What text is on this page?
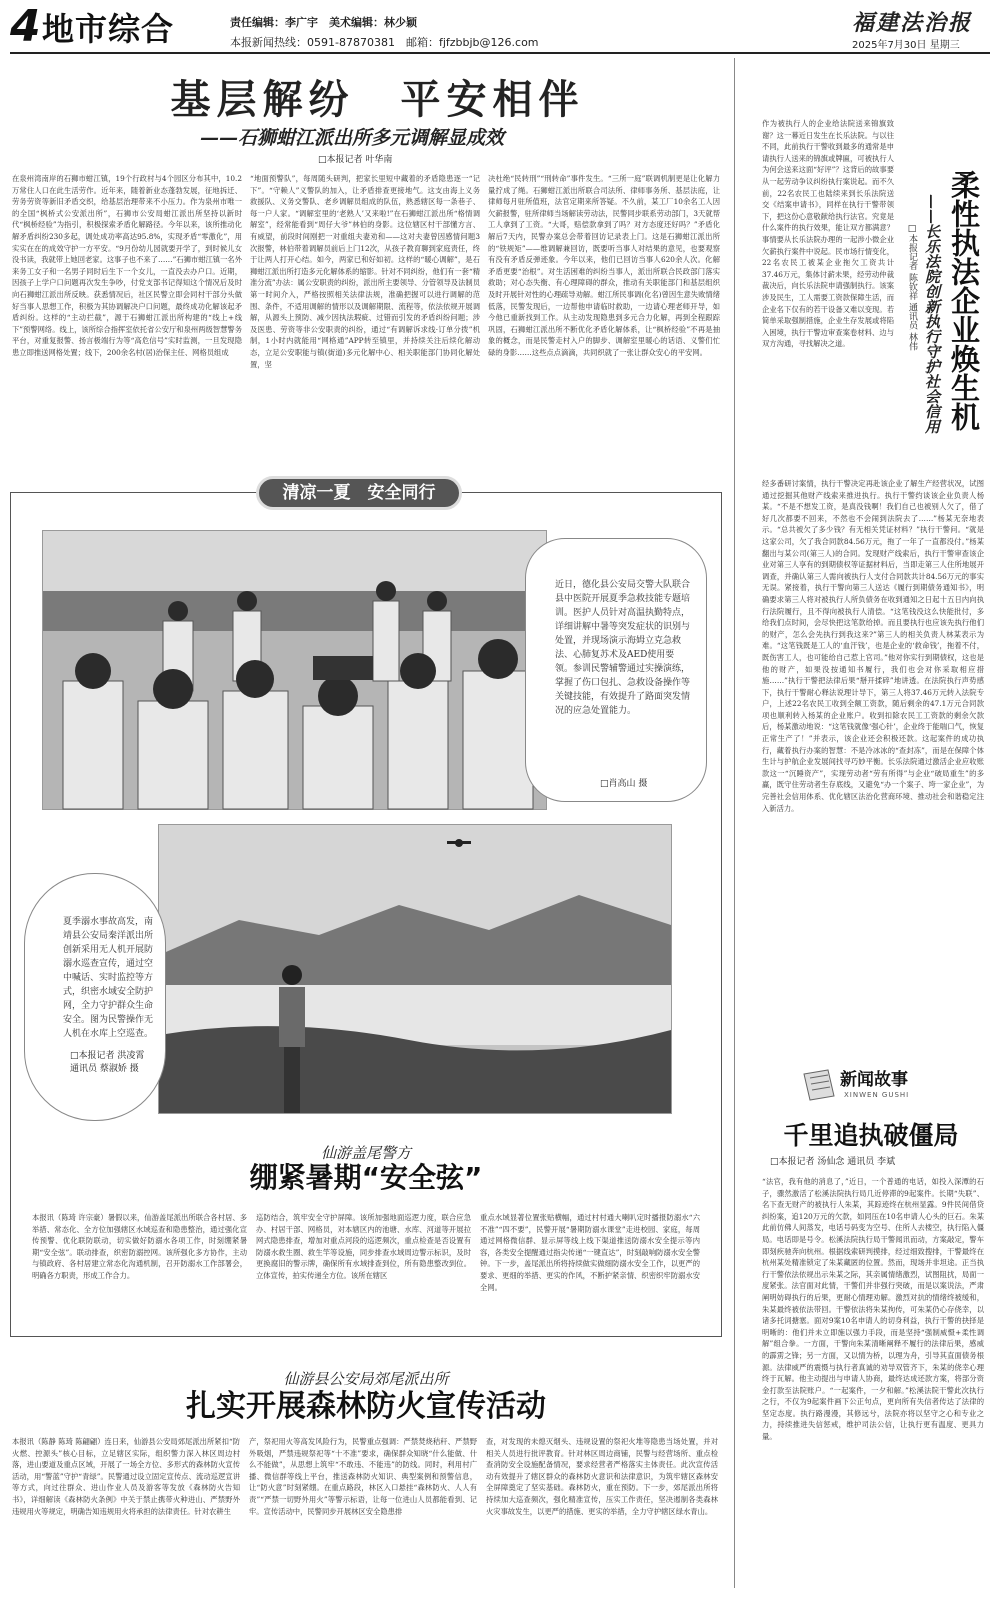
4 地市综合	责任编辑：李广宇　美术编辑：林少颖
本报新闻热线：0591-87870381　邮箱：fjfzbbjb@126.com
福建法治报
2025年7月30日 星期三
基层解纷　平安相伴
——石狮蚶江派出所多元调解显成效
□本报记者 叶华南
在泉州湾南岸的石狮市蚶江镇，19个行政村与4个园区分布其中，10.2万常住人口在此生活劳作。近年来，随着新业态蓬勃发展，征地拆迁、劳务劳资等新旧矛盾交织，给基层治理带来不小压力。作为泉州市唯一的全国“枫桥式公安派出所”，石狮市公安局蚶江派出所坚持以新时代“枫桥经验”为指引，积极探索矛盾化解路径。今年以来，该所推动化解矛盾纠纷230多起，调处成功率高达95.8%，实现矛盾“零激化”，用实实在在的成效守护一方平安。“9月份幼儿园就要开学了，到时候儿女没书读，我就带上她回老家。这事子也不来了……”石狮市蚶江镇一名外来务工女子和一名男子同时后生下一个女儿，一直没去办户口。近期，因孩子上学户口问题再次发生争吵，付党支部书记得知这个情况后及时向石狮蚶江派出所反映。获悉情况后，社区民警立即会同村干部分头做好当事人思想工作，积极为其协调解决户口问题，最终成功化解该起矛盾纠纷。这样的“主动拦截”，源于石狮蚶江派出所构建的“线上+线下”预警网络。线上，该所综合指挥室依托省公安厅和泉州两级智慧警务平台，对重复报警、扬言极端行为等“高危信号”实时监测，一旦发现隐患立即推送网格处置；线下，200余名村(居)治保主任、网格员组成
“地面预警队”，每周随头研判，把家长里短中藏着的矛盾隐患逐一“记下”。“守赖人”义警队的加入，让矛盾排查更接地气。这支由海上义务救援队、义务交警队、老乡调解员组成的队伍，熟悉辖区每一条巷子、每一户人家。“调解室里的‘老熟人’又来啦!”在石狮蚶江派出所“格情调解室”，经常能看到“周仔大爷”林伯的身影。这位辖区村干部懂方言、有威望，前段时间刚把一对重组夫妻劝和——这对夫妻曾因感情问题3次报警，林伯带着调解员前后上门12次，从孩子教育聊到家庭责任，终于让两人打开心结。如今，两家已和好如初。这样的“暖心调解”，是石狮蚶江派出所打造多元化解体系的缩影。针对不同纠纷，他们有一套“精准分流”办法：属公安职责的纠纷，派出所主要领导、分管领导及法制员第一时间介入，严格按照相关法律法规，准确把握可以进行调解的范围、条件，不适用调解的情形以及调解期限、流程等，依法依规开展调解，从源头上预防、减少因执法瑕疵、过错而引发的矛盾纠纷问题；涉及医患、劳资等非公安职责的纠纷，通过“有调解诉求线·订单分拨”机制，1小时内就能用“网格通”APP转至镇里，并持续关注后续化解动态，立足公安职能与镇(街道)多元化解中心、相关职能部门协同化解处置，坚
决杜绝“民转刑”“刑转命”事件发生。“三所一庭”联调机制更是让化解力量拧成了绳。石狮蚶江派出所联合司法所、律师事务所、基层法庭，让律师每月驻所值班，法官定期来所答疑。不久前，某工厂10余名工人因欠薪报警，驻所律师当场解读劳动法，民警同步联系劳动部门，3天就帮工人拿到了工资。“大哥，赔偿款拿到了吗？对方态度还好吗？”矛盾化解后7天内，民警办案总会带着回访记录表上门。这是石狮蚶江派出所的“铁规矩”——维调解兼回访，既要听当事人对结果的意见，也要观察有没有矛盾反弹迹象。今年以来，他们已回访当事人620余人次。化解矛盾更要“治根”。对生活困难的纠纷当事人，派出所联合民政部门落实救助；对心态失衡、有心理障碍的群众，推动有关职能部门和基层组织及时开展针对性的心理疏导劝解。蚶江所民事调(化名)曾因生意失败情绪低落，民警发现后，一边帮他申请临时救助，一边请心理老师开导，如今他已重新找到工作。从主动发现隐患到多元合力化解，再到全程跟踪巩固，石狮蚶江派出所不断优化矛盾化解体系，让“枫桥经验”不再是抽象的概念，而是民警走村入户的脚步、调解室里暖心的话语、义警们忙碌的身影……这些点点滴滴，共同织就了一张让群众安心的平安网。
清凉一夏　安全同行
近日，德化县公安局交警大队联合县中医院开展夏季急救技能专题培训。医护人员针对高温执勤特点，详细讲解中暑等突发症状的识别与处置，并现场演示海姆立克急救法、心肺复苏术及AED使用要领。参训民警辅警通过实操演练，掌握了伤口包扎、急救设备操作等关键技能，有效提升了路面突发情况的应急处置能力。
□肖高山 摄
夏季溺水事故高发，南靖县公安局秦洋派出所创新采用无人机开展防溺水巡查宣传，通过空中喊话、实时监控等方式，织密水域安全防护网，全力守护群众生命安全。图为民警操作无人机在水库上空巡查。
□本报记者 洪凌霄
通讯员 蔡淑娇 摄
仙游盖尾警方
绷紧暑期“安全弦”
本报讯（陈琦 许宗豪）暑假以来，仙游盖尾派出所联合各村居、多举措、常态化、全方位加强辖区水域巡查和隐患整治，通过强化宣传预警、优化联防联动，切实做好防溺水各项工作，时刻绷紧暑期“安全弦”。联动排查，织密防溺控网。该所强化多方协作，主动与镇政府、各村居建立常态化沟通机制，召开防溺水工作部署会，明确各方职责，形成工作合力。
巡防结合，筑牢安全守护屏障。该所加强地面巡逻力度，联合应急办、村居干部、网格员，对本辖区内的池塘、水库、河道等开展拉网式隐患排查，增加对重点河段的巡逻频次，重点检查是否设置有防溺水救生圈、救生竿等设施，同步排查水域周边警示标识，及时更换腐旧的警示牌，确保所有水域排查到位，所有隐患整改到位。立体宣传，拍实传递全方位。该所在辖区
重点水域显著位置张贴横幅，通过村村通大喇叭定时播报防溺水“六不准”“四不要”，民警开展“暑期防溺水课堂”走进校园、家庭，每周通过网格微信群、显示屏等线上线下渠道推送防溺水安全提示等内容，各类安全提醒通过指尖传递“一键直达”，时刻敲响防溺水安全警钟。下一步，盖尾派出所将持续做实做细防溺水安全工作，以更严的要求、更细的举措、更实的作风，不断护紧亲情、织密织牢防溺水安全网。
仙游县公安局郊尾派出所
扎实开展森林防火宣传活动
本报讯（陈静 陈琦 陈翩翩）连日来，仙游县公安局郊尾派出所紧扣“防火燃、控源头”核心目标，立足辖区实际，组织警力深入林区周边村落，进山要道及重点区域，开展了一场全方位、多形式的森林防火宣传活动，用“警蓝”守护“青绿”。民警通过设立固定宣传点、流动巡逻宣讲等方式，向过往群众、进山作业人员及游客等发放《森林防火告知书》，详细解读《森林防火条例》中关于禁止携带火种进山、严禁野外违规用火等规定，明确告知违规用火将承担的法律责任。针对农耕生
产，祭祀用火等高发风险行为，民警重点强调：严禁焚烧秸秆、严禁野外吸烟，严禁违规祭祀等“十不准”要求，确保群众知晓“什么能做、什么不能做”，从思想上筑牢“不敢违、不能违”的防线。同时，利用村广播、微信群等线上平台，推送森林防火知识、典型案例和预警信息，让“防火意”时刻紧绷。在重点路段，林区入口悬挂“森林防火、人人有责”“严禁一切野外用火”等警示标语，让每一位进山人员都能看到、记牢。宣传活动中，民警同步开展林区安全隐患排
查，对发现的未熄灭烟头、违规设置的祭祀火堆等隐患当场处置，并对相关人员进行批评教育。针对林区周边商铺，民警与经营场所、重点检查消防安全设施配备情况，要求经营者严格落实主体责任。此次宣传活动有效提升了辖区群众的森林防火意识和法律意识，为筑牢辖区森林安全屏障奠定了坚实基础。森林防火，重在预防。下一步，郊尾派出所将持续加大巡查频次，强化精准宣传，压实工作责任，坚决遏制各类森林火灾事故发生，以更严的措施、更实的举措，全力守护辖区绿水青山。
作为被执行人的企业给法院送来锦旗致谢？这一幕近日发生在长乐法院。与以往不同，此前执行干警收到最多的通常是申请执行人送来的锦旗或牌匾，可被执行人为何会送来这面“好评”？这背后的故事要从一起劳动争议纠纷执行案说起。而不久前，22名农民工也陆续来到长乐法院送交《结案申请书》，同样在执行干警带领下，把这份心意敬献给执行法官。究竟是什么案件的执行效果，能让双方都满意？事情要从长乐法院办理的一起涉小微企业欠薪执行案件中说起。民市场行情变化，22名农民工被某企业拖欠工资共计37.46万元，集体讨薪未果，经劳动仲裁裁决后，向长乐法院申请强制执行。该案涉及民生，工人需要工资款保障生活，而企业名下仅有的若干设备又难以变现。若简单采取强制措施，企业生存发展或将陷入困境，执行干警边审查案卷材料、边与双方沟通，寻找解决之道。	柔性执法企业焕生机
——长乐法院创新执行守护社会信用
□本报记者 陈钦祥 通讯员 林伟
经多番研讨案情，执行干警决定再赴该企业了解生产经营状况，试图通过挖掘其他财产线索来推进执行。执行干警约谈该企业负责人杨某。“不是不想发工资，是真没钱啊！我们自己也被别人欠了，借了好几次都要不回来，不然也不会闹到法院去了……”杨某无奈地表示。“总共被欠了多少钱？有无相关凭证材料？”执行干警问。“就是这家公司，欠了我合同款84.56万元，拖了一年了一直都没付。”杨某翻出与某公司(第三人)的合同。发现财产线索后，执行干警审查该企业对第三人享有的到期债权等证据材料后，当即走第三人住所地展开调查，并确认第三人需向被执行人支付合同款共计84.56万元的事实无误。紧接着，执行干警向第三人送达《履行到期债务通知书》，明确要求第三人将对被执行人所负债务在收到通知之日起十五日内向执行法院履行，且不得向被执行人清偿。“这笔钱没这么快能批付，多给我们点时间，会尽快把这笔款给掉。而且要执行也应该先执行他们的财产，怎么会先执行到我这来?”第三人的相关负责人林某表示为难。“这笔钱既是工人的‘血汗钱’，也是企业的‘救命钱’，拖着不付，既伤害工人，也可能给自己惹上官司。”他对你实行到期债权，这也是他的财产，如果没按通知书履行，我们也会对你采取相应措施……”执行干警把法律后果“掰开揉碎”地讲透。在法院执行声势感下，执行干警耐心释法说理计导下，第三人将37.46万元转入法院专户，上述22名农民工收到全额工资款，随后剩余的47.1万元合同款项也顺利转入杨某的企业账户。收到扣除农民工工资款的剩余欠款后，杨某激动地说：“这笔钱就像‘强心针’，企业终于能喘口气，恢复正常生产了！”并表示，该企业还会积极还款。这起案件的成功执行，藏着执行办案的智慧：不是冷冰冰的“查封冻”，而是在保障个体生计与护航企业发展间找寻巧妙平衡。长乐法院通过激活企业应收账款这一“沉睡资产”，实现劳动者“劳有所得”与企业“破局重生”的多赢，既守住劳动者生存底线，又避免“办一个案子、垮一家企业”，为完善社会信用体系、优化辖区法治化营商环境、推动社会和谐稳定注入新活力。
新闻故事
XINWEN GUSHI
千里追执破僵局
□本报记者 汤仙念 通讯员 李斌
“法官，我有他的消息了，”近日，一个普通的电话，如投入深潭的石子，骤然激活了松溪法院执行局几近停滞的9起案件。长期“失联”、名下查无财产的被执行人朱某，其踪迹终在杭州显露。9件民间借贷纠纷案，追120万元的欠款，如同压在10名申请人心头的巨石。朱某此前仿佛人间蒸发，电话号码变为空号、住所人去楼空，执行陷入僵局。电话即是号令。松溪法院执行局干警闻讯而动，方案敲定，警车即刻疾驰奔向杭州。根据线索研判摸排，经过细致搜排，干警最终在杭州某处精准锁定了朱某藏匿的位置。然而，现场并非坦途。正当执行干警依法依规出示朱某之际，其亲属情绪激烈，试图阻扰，局面一度紧张。法官面对此情，干警们并非强行突破，而是以案说法，严肃阐明妨碍执行的后果，更耐心情理劝解。激烈对抗的情绪终被缓和，朱某最终被依法带回。干警依法将朱某拘传，可朱某仍心存侥幸，以诸多托词搪塞。面对9案10名申请人的切身利益，执行干警的抉择是明晰的：他们并未立即施以强力手段，而是坚持“强制威慑+柔性调解”组合拳。一方面，干警向朱某清晰阐释不履行的法律后果，感威的霹雳之锋；另一方面，又以情为桥，以理为舟，引导其直面债务根源。法律威严的震慑与执行者真诚的劝导双管齐下，朱某的侥幸心理终于瓦解。他主动提出与申请人协商，最终达成还款方案，将部分资金打款至法院账户。“一起案件，一夕和解。”松溪法院干警此次执行之行，不仅为9起案件画下公正句点，更向所有失信者传达了法律的坚定态度。执行路漫漫，其修远兮，法院亦将以坚守之心和专业之力，持续推进失信惩戒，维护司法公信，让执行更有温度、更具力量。
